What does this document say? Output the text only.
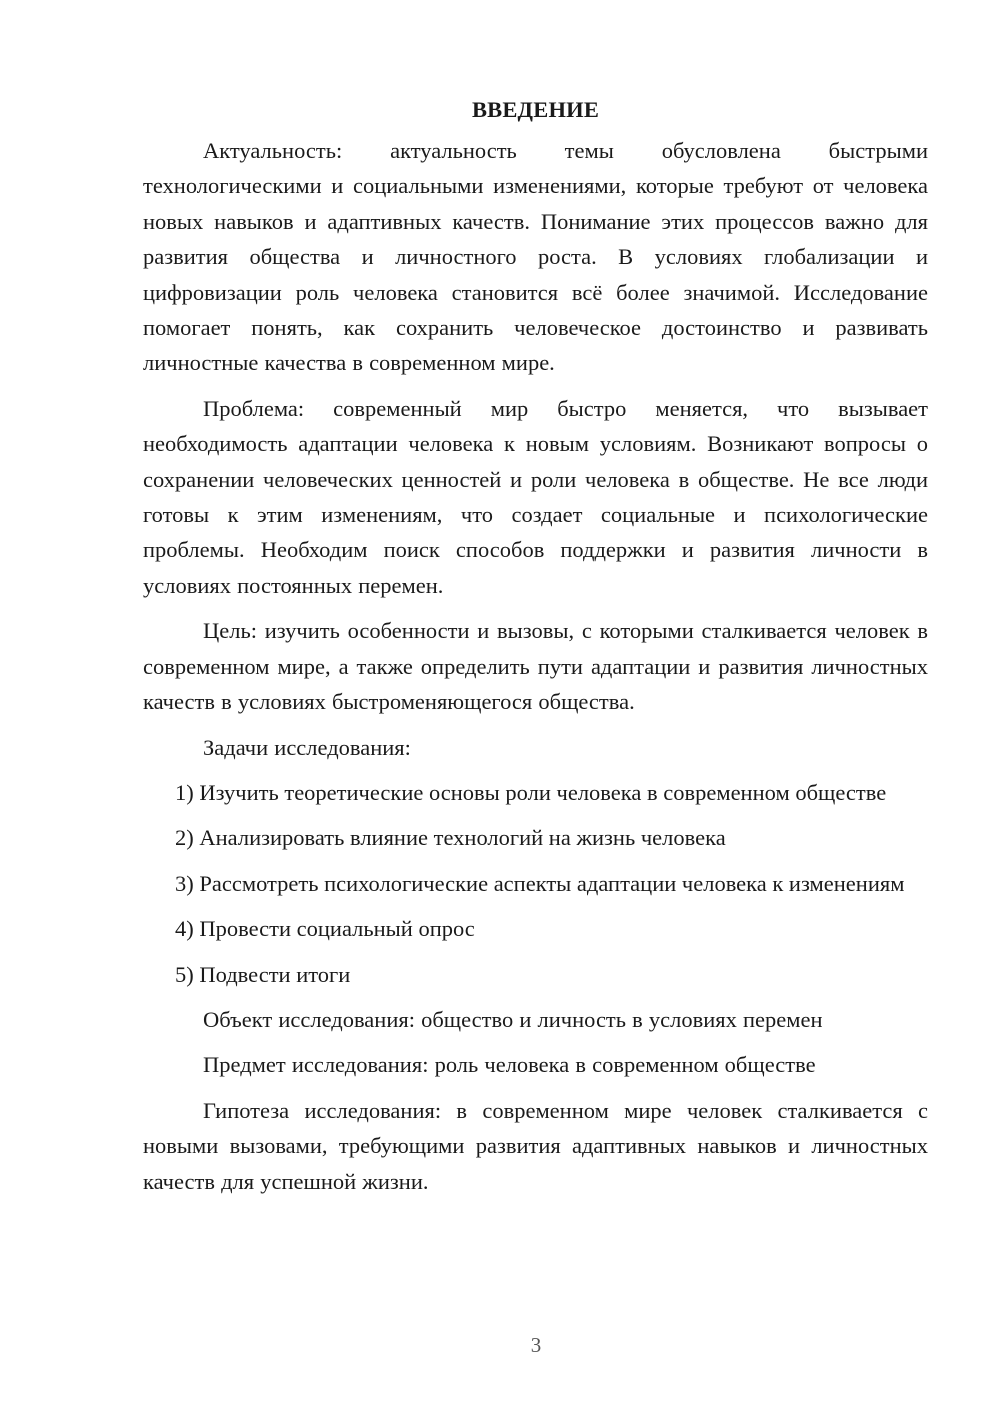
ВВЕДЕНИЕ

Актуальность: актуальность темы обусловлена быстрыми технологическими и социальными изменениями, которые требуют от человека новых навыков и адаптивных качеств. Понимание этих процессов важно для развития общества и личностного роста. В условиях глобализации и цифровизации роль человека становится всё более значимой. Исследование помогает понять, как сохранить человеческое достоинство и развивать личностные качества в современном мире.

Проблема: современный мир быстро меняется, что вызывает необходимость адаптации человека к новым условиям. Возникают вопросы о сохранении человеческих ценностей и роли человека в обществе. Не все люди готовы к этим изменениям, что создает социальные и психологические проблемы. Необходим поиск способов поддержки и развития личности в условиях постоянных перемен.

Цель: изучить особенности и вызовы, с которыми сталкивается человек в современном мире, а также определить пути адаптации и развития личностных качеств в условиях быстроменяющегося общества.

Задачи исследования:

1) Изучить теоретические основы роли человека в современном обществе

2) Анализировать влияние технологий на жизнь человека

3) Рассмотреть психологические аспекты адаптации человека к изменениям

4) Провести социальный опрос

5) Подвести итоги

Объект исследования: общество и личность в условиях перемен

Предмет исследования: роль человека в современном обществе

Гипотеза исследования: в современном мире человек сталкивается с новыми вызовами, требующими развития адаптивных навыков и личностных качеств для успешной жизни.

3
